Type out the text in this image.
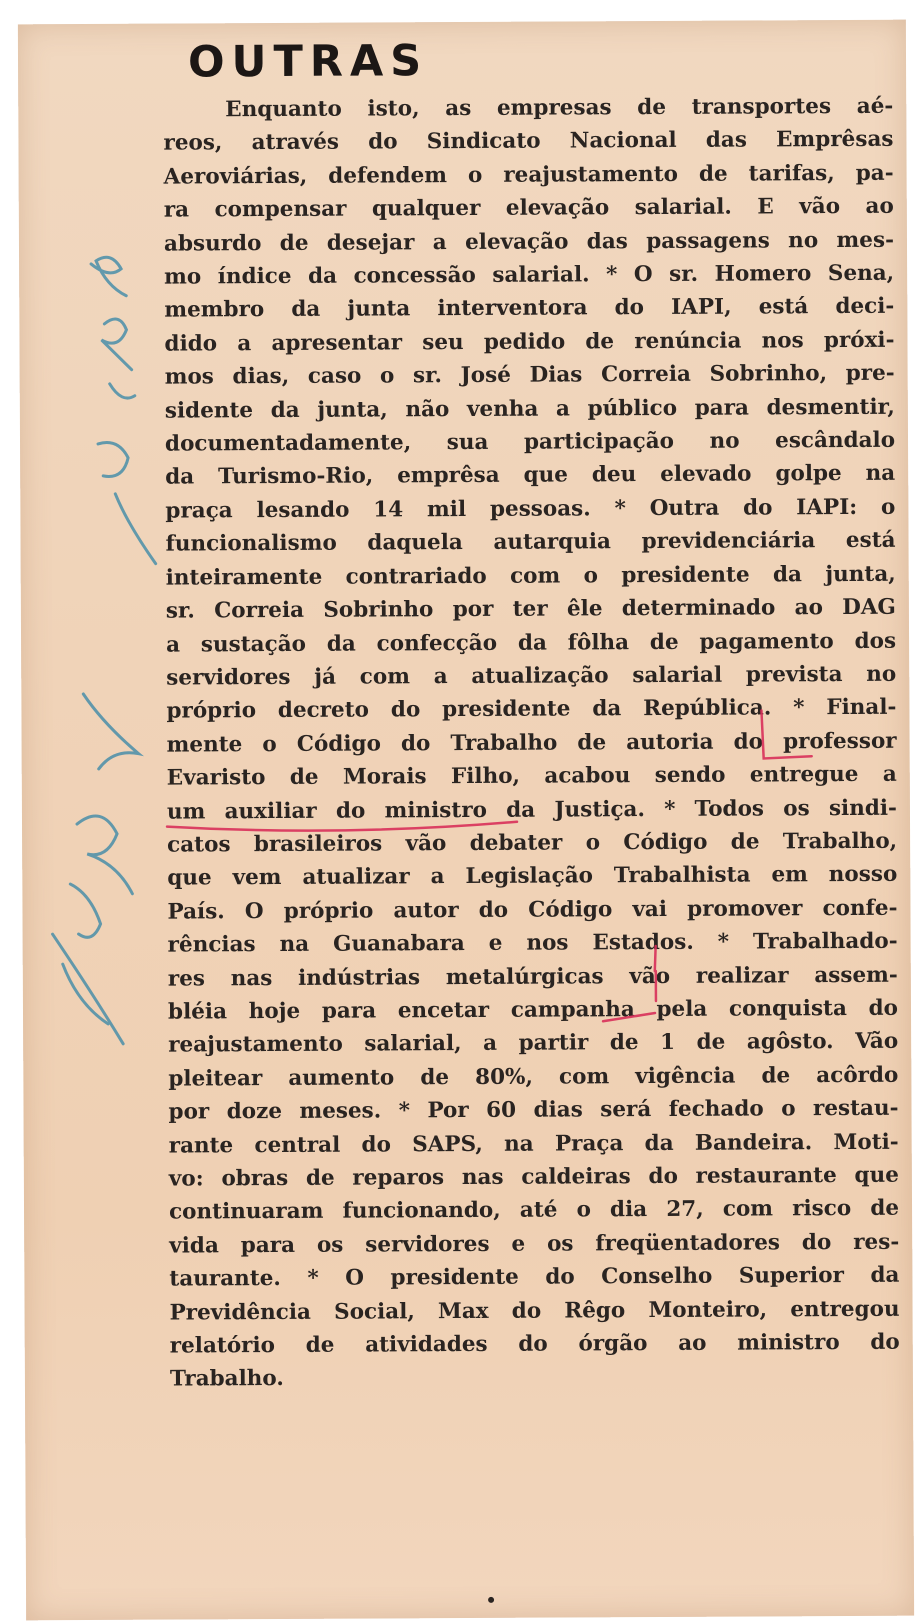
OUTRAS
Enquanto isto, as empresas de transportes aé-
reos, através do Sindicato Nacional das Emprêsas
Aeroviárias, defendem o reajustamento de tarifas, pa-
ra compensar qualquer elevação salarial. E vão ao
absurdo de desejar a elevação das passagens no mes-
mo índice da concessão salarial. * O sr. Homero Sena,
membro da junta interventora do IAPI, está deci-
dido a apresentar seu pedido de renúncia nos próxi-
mos dias, caso o sr. José Dias Correia Sobrinho, pre-
sidente da junta, não venha a público para desmentir,
documentadamente, sua participação no escândalo
da Turismo-Rio, emprêsa que deu elevado golpe na
praça lesando 14 mil pessoas. * Outra do IAPI: o
funcionalismo daquela autarquia previdenciária está
inteiramente contrariado com o presidente da junta,
sr. Correia Sobrinho por ter êle determinado ao DAG
a sustação da confecção da fôlha de pagamento dos
servidores já com a atualização salarial prevista no
próprio decreto do presidente da República. * Final-
mente o Código do Trabalho de autoria do professor
Evaristo de Morais Filho, acabou sendo entregue a
um auxiliar do ministro da Justiça. * Todos os sindi-
catos brasileiros vão debater o Código de Trabalho,
que vem atualizar a Legislação Trabalhista em nosso
País. O próprio autor do Código vai promover confe-
rências na Guanabara e nos Estados. * Trabalhado-
res nas indústrias metalúrgicas vão realizar assem-
bléia hoje para encetar campanha pela conquista do
reajustamento salarial, a partir de 1 de agôsto. Vão
pleitear aumento de 80%, com vigência de acôrdo
por doze meses. * Por 60 dias será fechado o restau-
rante central do SAPS, na Praça da Bandeira. Moti-
vo: obras de reparos nas caldeiras do restaurante que
continuaram funcionando, até o dia 27, com risco de
vida para os servidores e os freqüentadores do res-
taurante. * O presidente do Conselho Superior da
Previdência Social, Max do Rêgo Monteiro, entregou
relatório de atividades do órgão ao ministro do
Trabalho.
